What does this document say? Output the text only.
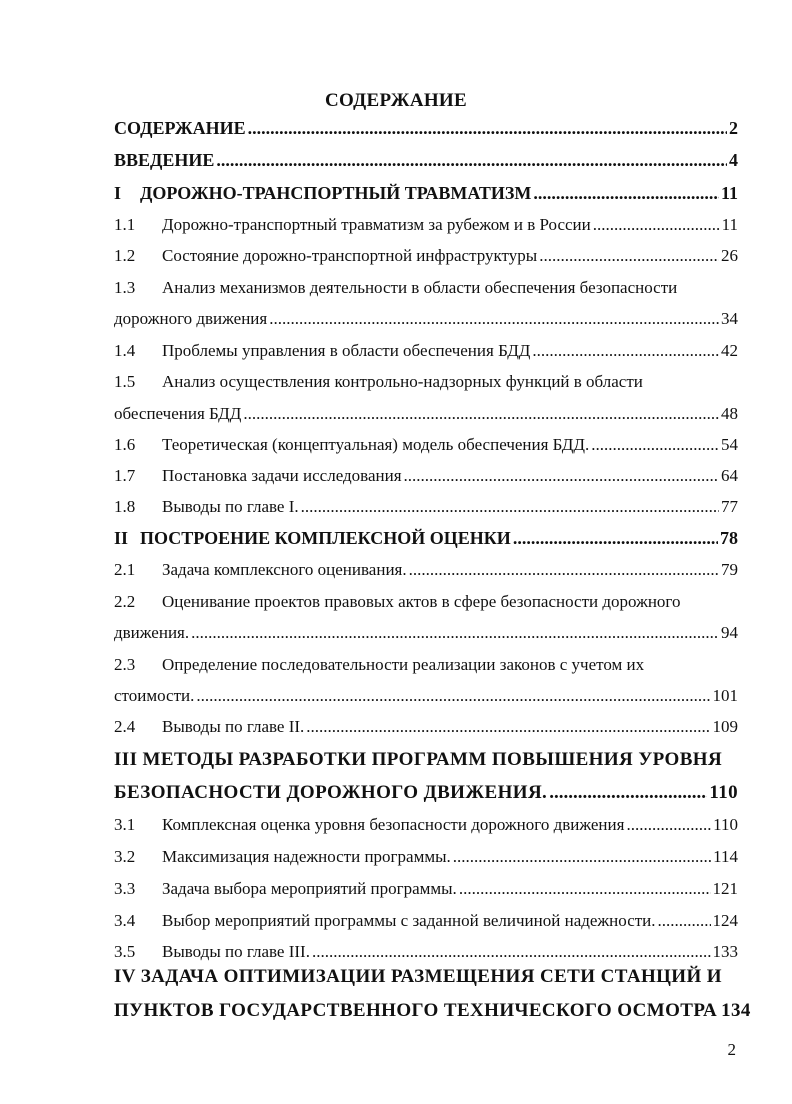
СОДЕРЖАНИЕ
СОДЕРЖАНИЕ .....	2
ВВЕДЕНИЕ .....	4
I	ДОРОЖНО-ТРАНСПОРТНЫЙ ТРАВМАТИЗМ .....	11
1.1	Дорожно-транспортный травматизм за рубежом и в России .....	11
1.2	Состояние дорожно-транспортной инфраструктуры .....	26
1.3	Анализ механизмов деятельности в области обеспечения безопасности
дорожного движения .....	34
1.4	Проблемы управления в области обеспечения БДД .....	42
1.5	Анализ осуществления контрольно-надзорных функций в области
обеспечения БДД .....	48
1.6	Теоретическая (концептуальная) модель обеспечения БДД. .....	54
1.7	Постановка задачи исследования .....	64
1.8	Выводы по главе I. .....	77
II ПОСТРОЕНИЕ КОМПЛЕКСНОЙ ОЦЕНКИ .....	78
2.1	Задача комплексного оценивания. .....	79
2.2	Оценивание проектов правовых актов в сфере безопасности дорожного
движения. .....	94
2.3	Определение последовательности реализации законов с учетом их
стоимости. .....	101
2.4	Выводы по главе II. .....	109
III МЕТОДЫ РАЗРАБОТКИ ПРОГРАММ ПОВЫШЕНИЯ УРОВНЯ
БЕЗОПАСНОСТИ ДОРОЖНОГО ДВИЖЕНИЯ. .....	110
3.1	Комплексная оценка уровня безопасности дорожного движения .....	110
3.2	Максимизация надежности программы. .....	114
3.3	Задача выбора мероприятий программы. .....	121
3.4	Выбор мероприятий программы с заданной величиной надежности. .....	124
3.5	Выводы по главе III. .....	133
IV ЗАДАЧА ОПТИМИЗАЦИИ РАЗМЕЩЕНИЯ СЕТИ СТАНЦИЙ И
ПУНКТОВ ГОСУДАРСТВЕННОГО ТЕХНИЧЕСКОГО ОСМОТРА 134
2
